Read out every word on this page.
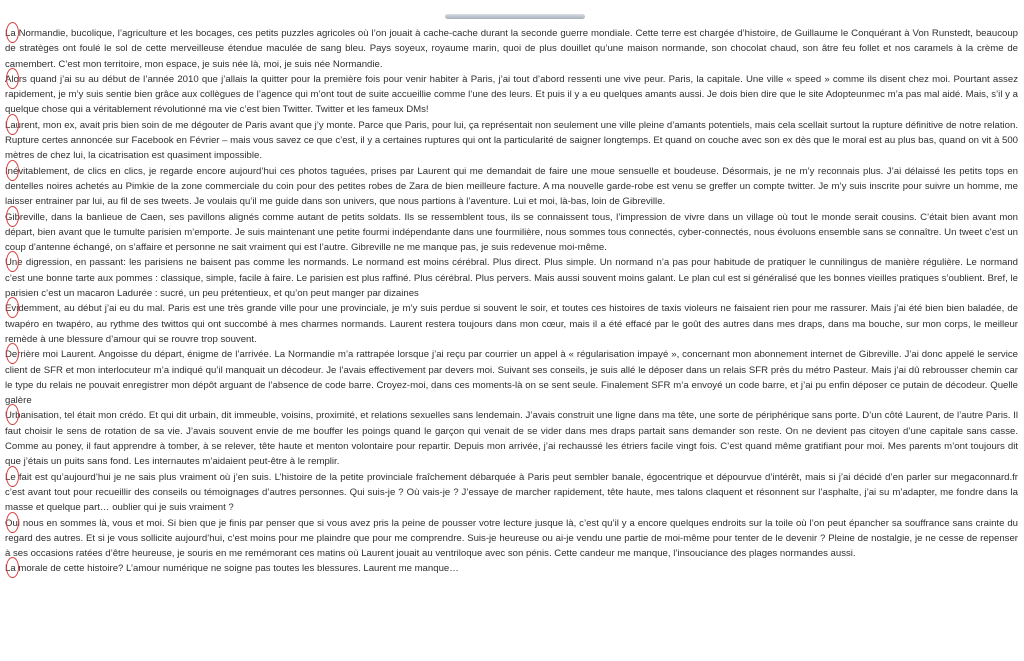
La Normandie, bucolique, l’agriculture et les bocages, ces petits puzzles agricoles où l’on jouait à cache-cache durant la seconde guerre mondiale. Cette terre est chargée d’histoire, de Guillaume le Conquérant à Von Runstedt, beaucoup de stratèges ont foulé le sol de cette merveilleuse étendue maculée de sang bleu. Pays soyeux, royaume marin, quoi de plus douillet qu’une maison normande, son chocolat chaud, son âtre feu follet et nos caramels à la crème de camembert. C’est mon territoire, mon espace, je suis née là, moi, je suis née Normandie.

Alors quand j’ai su au début de l’année 2010 que j’allais la quitter pour la première fois pour venir habiter à Paris, j’ai tout d’abord ressenti une vive peur. Paris, la capitale. Une ville « speed » comme ils disent chez moi. Pourtant assez rapidement, je m’y suis sentie bien grâce aux collègues de l’agence qui m’ont tout de suite accueillie comme l’une des leurs. Et puis il y a eu quelques amants aussi. Je dois bien dire que le site Adopteunmec m’a pas mal aidé. Mais, s’il y a quelque chose qui a véritablement révolutionné ma vie c’est bien Twitter. Twitter et les fameux DMs!

Laurent, mon ex, avait pris bien soin de me dégouter de Paris avant que j’y monte. Parce que Paris, pour lui, ça représentait non seulement une ville pleine d’amants potentiels, mais cela scellait surtout la rupture définitive de notre relation. Rupture certes annoncée sur Facebook en Février – mais vous savez ce que c’est, il y a certaines ruptures qui ont la particularité de saigner longtemps. Et quand on couche avec son ex dès que le moral est au plus bas, quand on vit à 500 mètres de chez lui, la cicatrisation est quasiment impossible.

Inévitablement, de clics en clics, je regarde encore aujourd’hui ces photos taguées, prises par Laurent qui me demandait de faire une moue sensuelle et boudeuse. Désormais, je ne m’y reconnais plus. J’ai délaissé les petits tops en dentelles noires achetés au Pimkie de la zone commerciale du coin pour des petites robes de Zara de bien meilleure facture. A ma nouvelle garde-robe est venu se greffer un compte twitter. Je m’y suis inscrite pour suivre un homme, me laisser entrainer par lui, au fil de ses tweets. Je voulais qu’il me guide dans son univers, que nous partions à l’aventure. Lui et moi, là-bas, loin de Gibreville.

Gibreville, dans la banlieue de Caen, ses pavillons alignés comme autant de petits soldats. Ils se ressemblent tous, ils se connaissent tous, l’impression de vivre dans un village où tout le monde serait cousins. C’était bien avant mon départ, bien avant que le tumulte parisien m’emporte. Je suis maintenant une petite fourmi indépendante dans une fourmilière, nous sommes tous connectés, cyber-connectés, nous évoluons ensemble sans se connaître. Un tweet c’est un coup d’antenne échangé, on s’affaire et personne ne sait vraiment qui est l’autre. Gibreville ne me manque pas, je suis redevenue moi-même.

Une digression, en passant: les parisiens ne baisent pas comme les normands. Le normand est moins cérébral. Plus direct. Plus simple. Un normand n’a pas pour habitude de pratiquer le cunnilingus de manière régulière. Le normand c’est une bonne tarte aux pommes : classique, simple, facile à faire. Le parisien est plus raffiné. Plus cérébral. Plus pervers. Mais aussi souvent moins galant. Le plan cul est si généralisé que les bonnes vieilles pratiques s’oublient. Bref, le parisien c’est un macaron Ladurée : sucré, un peu prétentieux, et qu’on peut manger par dizaines

Evidemment, au début j’ai eu du mal. Paris est une très grande ville pour une provinciale, je m’y suis perdue si souvent le soir, et toutes ces histoires de taxis violeurs ne faisaient rien pour me rassurer. Mais j’ai été bien bien baladée, de twapéro en twapéro, au rythme des twittos qui ont succombé à mes charmes normands. Laurent restera toujours dans mon cœur, mais il a été effacé par le goût des autres dans mes draps, dans ma bouche, sur mon corps, le meilleur remède à une blessure d’amour qui se rouvre trop souvent.

Derrière moi Laurent. Angoisse du départ, énigme de l’arrivée. La Normandie m’a rattrapée lorsque j’ai reçu par courrier un appel à « régularisation impayé », concernant mon abonnement internet de Gibreville. J’ai donc appelé le service client de SFR et mon interlocuteur m’a indiqué qu’il manquait un décodeur. Je l’avais effectivement par devers moi. Suivant ses conseils, je suis allé le déposer dans un relais SFR près du métro Pasteur. Mais j’ai dû rebrousser chemin car le type du relais ne pouvait enregistrer mon dépôt arguant de l’absence de code barre. Croyez-moi, dans ces moments-là on se sent seule. Finalement SFR m’a envoyé un code barre, et j’ai pu enfin déposer ce putain de décodeur. Quelle galère

Urbanisation, tel était mon crédo. Et qui dit urbain, dit immeuble, voisins, proximité, et relations sexuelles sans lendemain. J’avais construit une ligne dans ma tête, une sorte de périphérique sans porte. D’un côté Laurent, de l’autre Paris. Il faut choisir le sens de rotation de sa vie. J’avais souvent envie de me bouffer les poings quand le garçon qui venait de se vider dans mes draps partait sans demander son reste. On ne devient pas citoyen d’une capitale sans casse. Comme au poney, il faut apprendre à tomber, à se relever, tête haute et menton volontaire pour repartir. Depuis mon arrivée, j’ai rechaussé les étriers facile vingt fois. C’est quand même gratifiant pour moi. Mes parents m’ont toujours dit que j’étais un puits sans fond. Les internautes m’aidaient peut-être à le remplir.

Le fait est qu’aujourd’hui je ne sais plus vraiment où j’en suis. L’histoire de la petite provinciale fraîchement débarquée à Paris peut sembler banale, égocentrique et dépourvue d’intérêt, mais si j’ai décidé d’en parler sur megaconnard.fr c’est avant tout pour recueillir des conseils ou témoignages d’autres personnes. Qui suis-je ? Où vais-je ? J’essaye de marcher rapidement, tête haute, mes talons claquent et résonnent sur l’asphalte, j’ai su m’adapter, me fondre dans la masse et quelque part… oublier qui je suis vraiment ?

Oui nous en sommes là, vous et moi. Si bien que je finis par penser que si vous avez pris la peine de pousser votre lecture jusque là, c’est qu’il y a encore quelques endroits sur la toile où l’on peut épancher sa souffrance sans crainte du regard des autres. Et si je vous sollicite aujourd’hui, c’est moins pour me plaindre que pour me comprendre. Suis-je heureuse ou ai-je vendu une partie de moi-même pour tenter de le devenir ? Pleine de nostalgie, je ne cesse de repenser à ses occasions ratées d’être heureuse, je souris en me remémorant ces matins où Laurent jouait au ventriloque avec son pénis. Cette candeur me manque, l’insouciance des plages normandes aussi.

La morale de cette histoire? L’amour numérique ne soigne pas toutes les blessures. Laurent me manque…
